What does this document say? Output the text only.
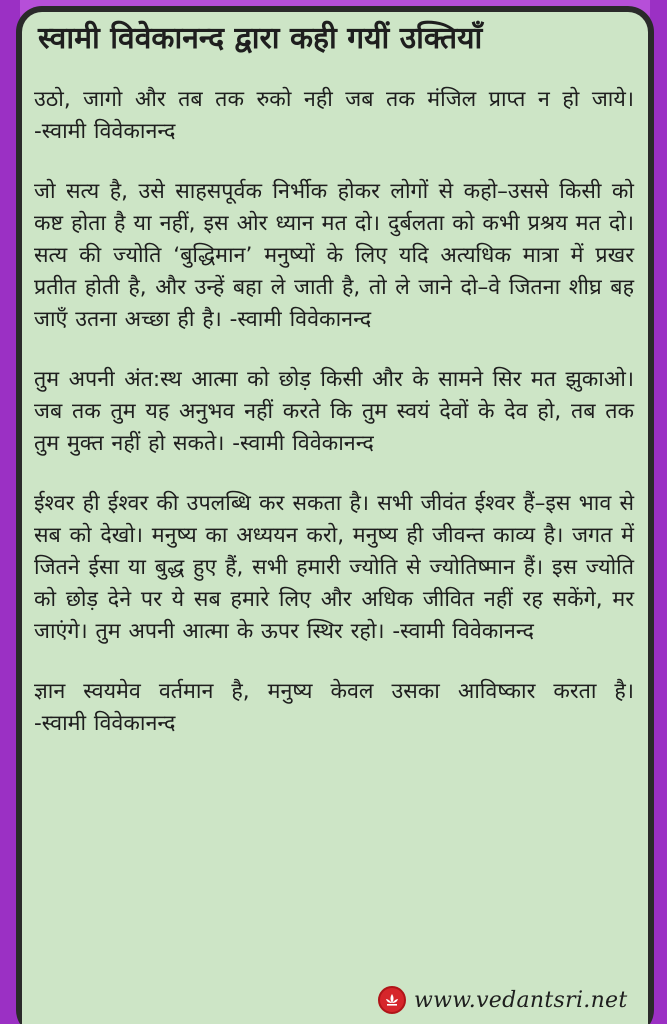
स्वामी विवेकानन्द द्वारा कही गयीं उक्तियाँ

उठो, जागो और तब तक रुको नही जब तक मंजिल प्राप्त न हो जाये। -स्वामी विवेकानन्द

जो सत्य है, उसे साहसपूर्वक निर्भीक होकर लोगों से कहो–उससे किसी को कष्ट होता है या नहीं, इस ओर ध्यान मत दो। दुर्बलता को कभी प्रश्रय मत दो। सत्य की ज्योति ‘बुद्धिमान’ मनुष्यों के लिए यदि अत्यधिक मात्रा में प्रखर प्रतीत होती है, और उन्हें बहा ले जाती है, तो ले जाने दो–वे जितना शीघ्र बह जाएँ उतना अच्छा ही है। -स्वामी विवेकानन्द

तुम अपनी अंत:स्थ आत्मा को छोड़ किसी और के सामने सिर मत झुकाओ। जब तक तुम यह अनुभव नहीं करते कि तुम स्वयं देवों के देव हो, तब तक तुम मुक्त नहीं हो सकते। -स्वामी विवेकानन्द

ईश्वर ही ईश्वर की उपलब्धि कर सकता है। सभी जीवंत ईश्वर हैं–इस भाव से सब को देखो। मनुष्य का अध्ययन करो, मनुष्य ही जीवन्त काव्य है। जगत में जितने ईसा या बुद्ध हुए हैं, सभी हमारी ज्योति से ज्योतिष्मान हैं। इस ज्योति को छोड़ देने पर ये सब हमारे लिए और अधिक जीवित नहीं रह सकेंगे, मर जाएंगे। तुम अपनी आत्मा के ऊपर स्थिर रहो। -स्वामी विवेकानन्द

ज्ञान स्वयमेव वर्तमान है, मनुष्य केवल उसका आविष्कार करता है। -स्वामी विवेकानन्द

www.vedantsri.net
